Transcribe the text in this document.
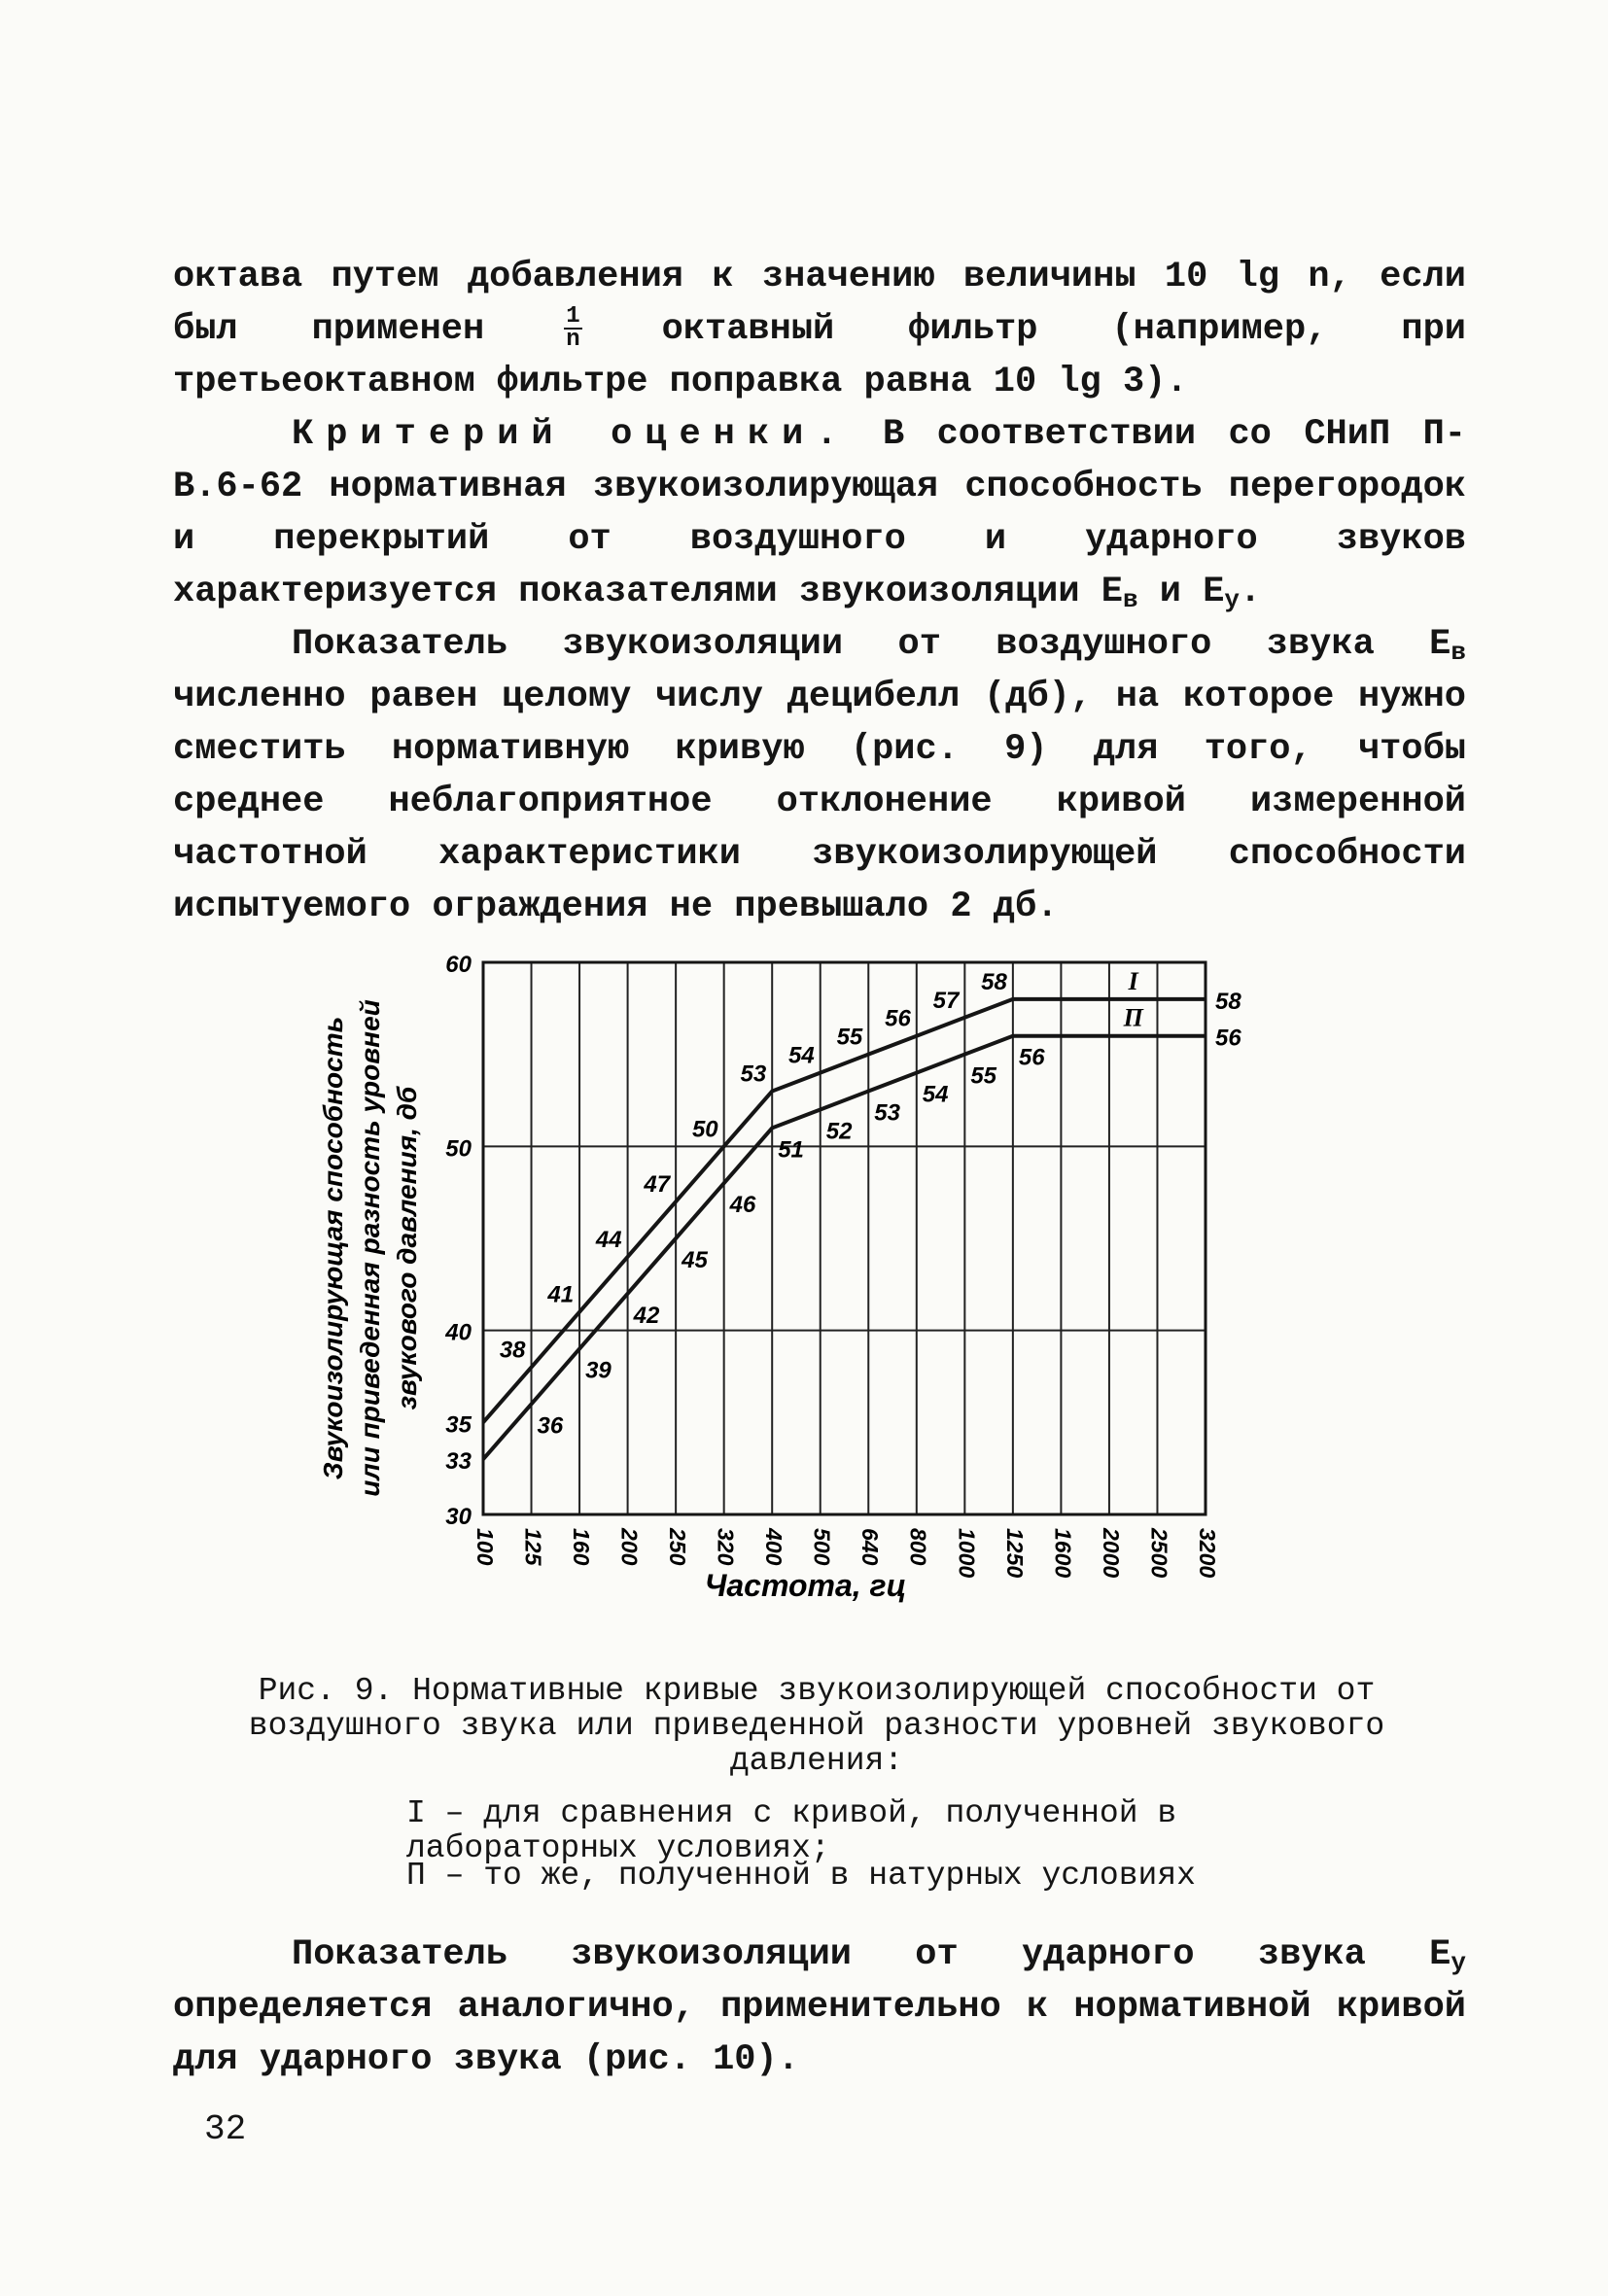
октава путем добавления к значению величины 10 lg n, если был применен	$\frac{1}{n}$ октавный фильтр (например, при третьеоктавном фильтре поправка равна 10 lg 3).

Критерий оценки. В соответствии со СНиП П-В.6-62 нормативная звукоизолирующая способность перегородок и перекрытий от воздушного и ударного звуков характеризуется показателями звукоизоляции $E_в$ и $E_у$.

Показатель звукоизоляции от воздушного звука $E_в$ численно равен целому числу децибелл (дб), на которое нужно сместить нормативную кривую (рис. 9) для того, чтобы среднее неблагоприятное отклонение кривой измеренной частотной характеристики звукоизолирующей способности испытуемого ограждения не превышало 2 дб.

I
38
41
44
47
50
53
54
55
56
57
58
58
П
36
39
42
45
46
51
52
53
54
55
56
56
30
33
35
40
50
60
100 125 160 200 250 320 400 500 640 800 1000 1250 1600 2000 2500 3200
Частота, гц
Звукоизолирующая способность или приведенная разность уровней звукового давления, дб

Рис. 9. Нормативные кривые звукоизолирующей способности от воздушного звука или приведенной разности уровней звукового давления:

I – для сравнения с кривой, полученной в лабораторных условиях;
П – то же, полученной в натурных условиях

Показатель звукоизоляции от ударного звука $E_у$ определяется аналогично, применительно к нормативной кривой для ударного звука (рис. 10).

32
